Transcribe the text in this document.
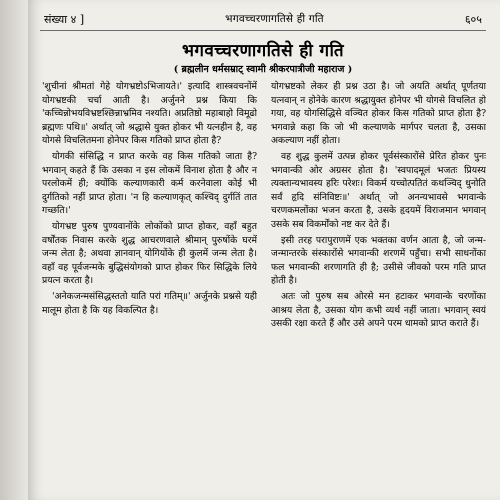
संख्या ४ ]	भगवच्चरणागतिसे ही गति	६०५
भगवच्चरणागतिसे ही गति
( ब्रह्मलीन धर्मसम्राट् स्वामी श्रीकरपात्रीजी महाराज )

'शुचीनां श्रीमतां गेहे योगभ्रष्टोऽभिजायते।' इत्यादि शास्त्रवचनोंमें योगभ्रष्टकी चर्चा आती है। अर्जुनने प्रश्न किया कि 'कच्चिन्नोभयविभ्रष्टश्छिन्नाभ्रमिव नश्यति। अप्रतिष्ठो महाबाहो विमूढो ब्रह्मणः पथि॥' अर्थात् जो श्रद्धासे युक्त होकर भी यत्नहीन है, वह योगसे विचलितमना होनेपर किस गतिको प्राप्त होता है?

योगकी संसिद्धि न प्राप्त करके वह किस गतिको जाता है? भगवान् कहते हैं कि उसका न इस लोकमें विनाश होता है और न परलोकमें ही; क्योंकि कल्याणकारी कर्म करनेवाला कोई भी दुर्गतिको नहीं प्राप्त होता। 'न हि कल्याणकृत् कश्चिद् दुर्गतिं तात गच्छति।'

योगभ्रष्ट पुरुष पुण्यवानोंके लोकोंको प्राप्त होकर, वहाँ बहुत वर्षोंतक निवास करके शुद्ध आचरणवाले श्रीमान् पुरुषोंके घरमें जन्म लेता है; अथवा ज्ञानवान् योगियोंके ही कुलमें जन्म लेता है। वहाँ वह पूर्वजन्मके बुद्धिसंयोगको प्राप्त होकर फिर सिद्धिके लिये प्रयत्न करता है।

'अनेकजन्मसंसिद्धस्ततो याति परां गतिम्॥' अर्जुनके प्रश्नसे यही मालूम होता है कि यह विकल्पित है।

योगभ्रष्टको लेकर ही प्रश्न उठा है। जो अयति अर्थात् पूर्णतया यत्नवान् न होनेके कारण श्रद्धायुक्त होनेपर भी योगसे विचलित हो गया, वह योगसिद्धिसे वञ्चित होकर किस गतिको प्राप्त होता है? भगवान्ने कहा कि जो भी कल्याणके मार्गपर चलता है, उसका अकल्याण नहीं होता।

वह शुद्ध कुलमें उत्पन्न होकर पूर्वसंस्कारोंसे प्रेरित होकर पुनः भगवान्की ओर अग्रसर होता है। 'स्वपादमूलं भजतः प्रियस्य त्यक्तान्यभावस्य हरिः परेशः। विकर्म यच्चोत्पतितं कथञ्चिद् धुनोति सर्वं हृदि संनिविष्टः॥' अर्थात् जो अनन्यभावसे भगवान्के चरणकमलोंका भजन करता है, उसके हृदयमें विराजमान भगवान् उसके सब विकर्मोंको नष्ट कर देते हैं।

इसी तरह परापुराणमें एक भक्तका वर्णन आता है, जो जन्म-जन्मान्तरके संस्कारोंसे भगवान्की शरणमें पहुँचा। सभी साधनोंका फल भगवान्की शरणागति ही है; उसीसे जीवको परम गति प्राप्त होती है।

अतः जो पुरुष सब ओरसे मन हटाकर भगवान्के चरणोंका आश्रय लेता है, उसका योग कभी व्यर्थ नहीं जाता। भगवान् स्वयं उसकी रक्षा करते हैं और उसे अपने परम धामको प्राप्त कराते हैं।
